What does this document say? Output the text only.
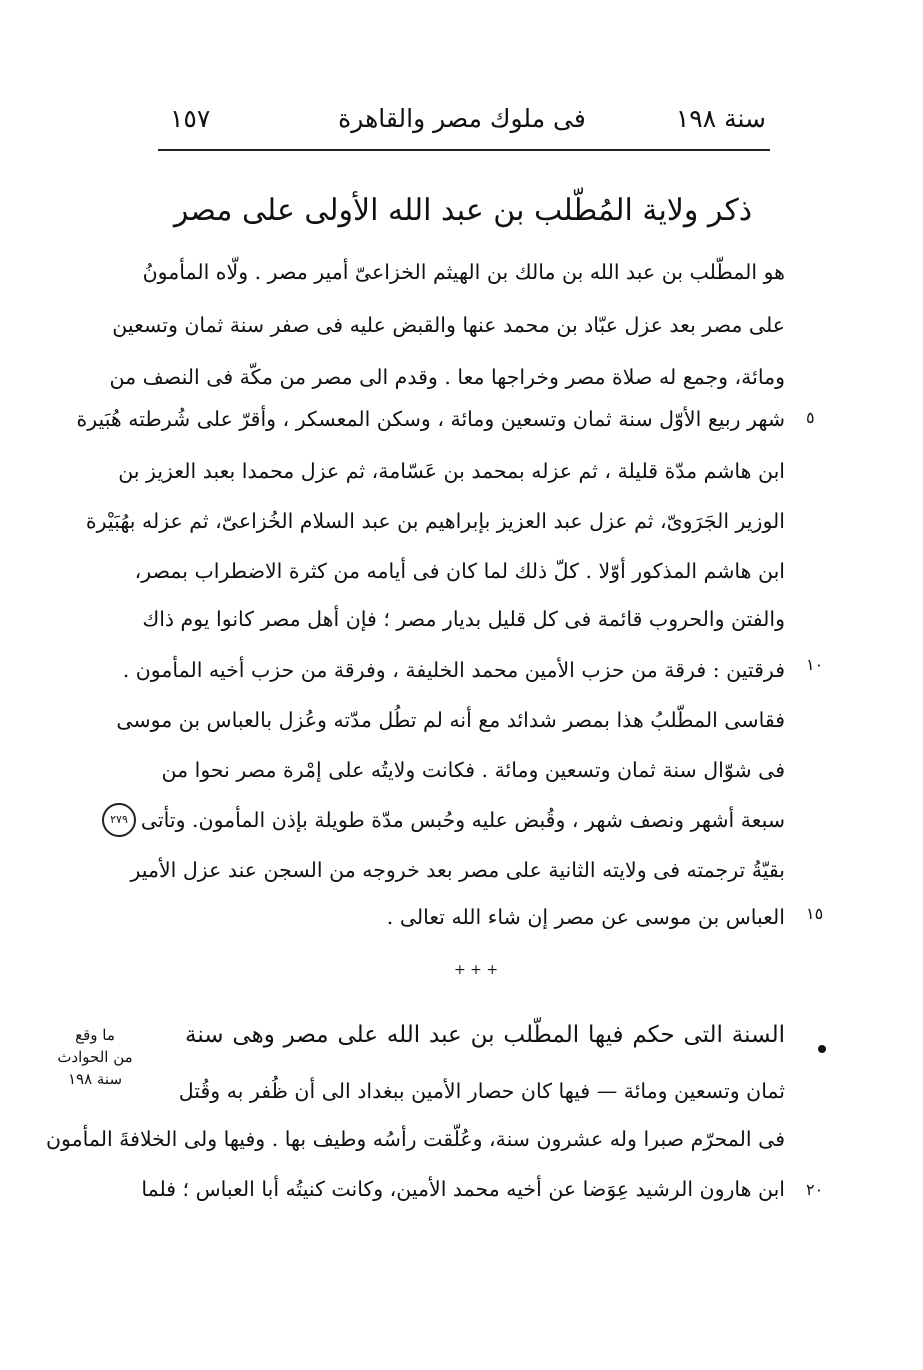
سنة ١٩٨
فى ملوك مصر والقاهرة
١٥٧
ذكر ولاية المُطّلب بن عبد الله الأولى على مصر
هو المطّلب بن عبد الله بن مالك بن الهيثم الخزاعىّ أمير مصر . ولّاه المأمونُ
على مصر بعد عزل عبّاد بن محمد عنها والقبض عليه فى صفر سنة ثمان وتسعين
ومائة، وجمع له صلاة مصر وخراجها معا . وقدم الى مصر من مكّة فى النصف من
شهر ربيع الأوّل سنة ثمان وتسعين ومائة ، وسكن المعسكر ، وأقرّ على شُرطته هُبَيرة
ابن هاشم مدّة قليلة ، ثم عزله بمحمد بن عَسّامة، ثم عزل محمدا بعبد العزيز بن
الوزير الجَرَوىّ، ثم عزل عبد العزيز بإبراهيم بن عبد السلام الخُزاعىّ، ثم عزله بهُبَيْرة
ابن هاشم المذكور أوّلا . كلّ ذلك لما كان فى أيامه من كثرة الاضطراب بمصر،
والفتن والحروب قائمة فى كل قليل بديار مصر ؛ فإن أهل مصر كانوا يوم ذاك
فرقتين : فرقة من حزب الأمين محمد الخليفة ، وفرقة من حزب أخيه المأمون .
فقاسى المطّلبُ هذا بمصر شدائد مع أنه لم تطُل مدّته وعُزل بالعباس بن موسى
فى شوّال سنة ثمان وتسعين ومائة . فكانت ولايتُه على إمْرة مصر نحوا من
سبعة أشهر ونصف شهر ، وقُبض عليه وحُبس مدّة طويلة بإذن المأمون. وتأتى
بقيّةُ ترجمته فى ولايته الثانية على مصر بعد خروجه من السجن عند عزل الأمير
العباس بن موسى عن مصر إن شاء الله تعالى .
٥
١٠
١٥
٢٠
٢٧٩
+ + +
السنة التى حكم فيها المطّلب بن عبد الله على مصر وهى سنة
ثمان وتسعين ومائة — فيها كان حصار الأمين ببغداد الى أن ظُفر به وقُتل
فى المحرّم صبرا وله عشرون سنة، وعُلّقت رأسُه وطيف بها . وفيها ولى الخلافةَ المأمون
ابن هارون الرشيد عِوَضا عن أخيه محمد الأمين، وكانت كنيتُه أبا العباس ؛ فلما
ما وقع
من الحوادث
سنة ١٩٨
